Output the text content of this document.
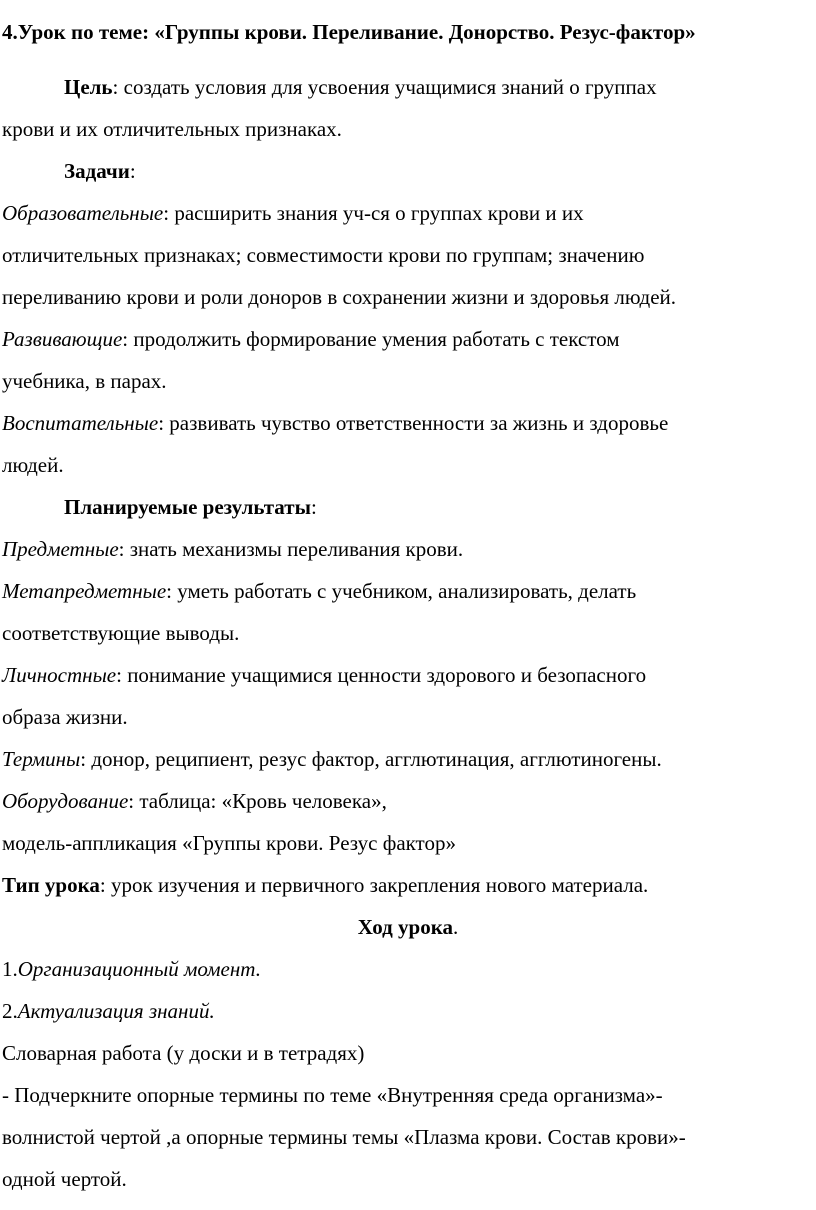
4.Урок по теме: «Группы крови. Переливание. Донорство. Резус-фактор»
Цель: создать условия для усвоения учащимися знаний о группах
крови и их отличительных признаках.
Задачи:
Образовательные: расширить знания уч-ся о группах крови и их
отличительных признаках; совместимости крови по группам; значению
переливанию крови и роли доноров в сохранении жизни и здоровья людей.
Развивающие: продолжить формирование умения работать с текстом
учебника, в парах.
Воспитательные: развивать чувство ответственности за жизнь и здоровье
людей.
Планируемые результаты:
Предметные: знать механизмы переливания крови.
Метапредметные: уметь работать с учебником, анализировать, делать
соответствующие выводы.
Личностные: понимание учащимися ценности здорового и безопасного
образа жизни.
Термины: донор, реципиент, резус фактор, агглютинация, агглютиногены.
Оборудование: таблица: «Кровь человека»,
модель-аппликация «Группы крови. Резус фактор»
Тип урока: урок изучения и первичного закрепления нового материала.
Ход урока.
1.Организационный момент.
2.Актуализация знаний.
Словарная работа (у доски и в тетрадях)
- Подчеркните опорные термины по теме «Внутренняя среда организма»-
волнистой чертой ,а опорные термины темы «Плазма крови. Состав крови»-
одной чертой.
